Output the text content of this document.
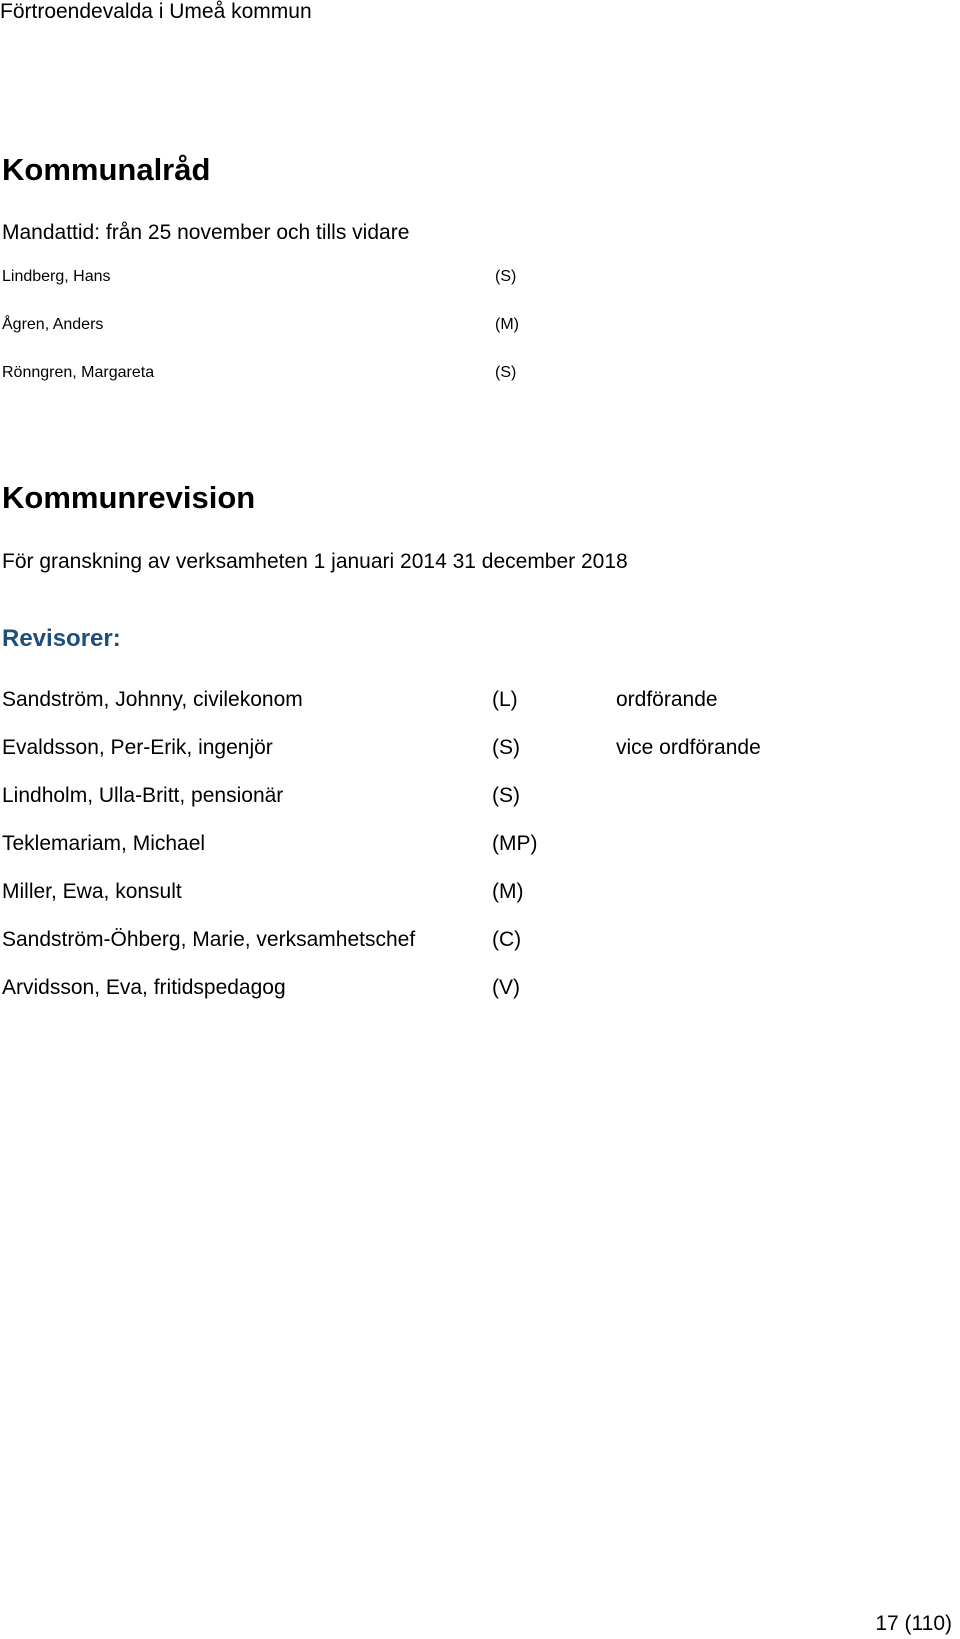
Förtroendevalda i Umeå kommun
Kommunalråd
Mandattid: från 25 november och tills vidare
Lindberg, Hans	(S)
Ågren, Anders	(M)
Rönngren, Margareta	(S)
Kommunrevision
För granskning av verksamheten 1 januari 2014 31 december 2018
Revisorer:
Sandström, Johnny, civilekonom	(L)	ordförande
Evaldsson, Per-Erik, ingenjör	(S)	vice ordförande
Lindholm, Ulla-Britt, pensionär	(S)
Teklemariam, Michael	(MP)
Miller, Ewa, konsult	(M)
Sandström-Öhberg, Marie, verksamhetschef	(C)
Arvidsson, Eva, fritidspedagog	(V)
17 (110)
